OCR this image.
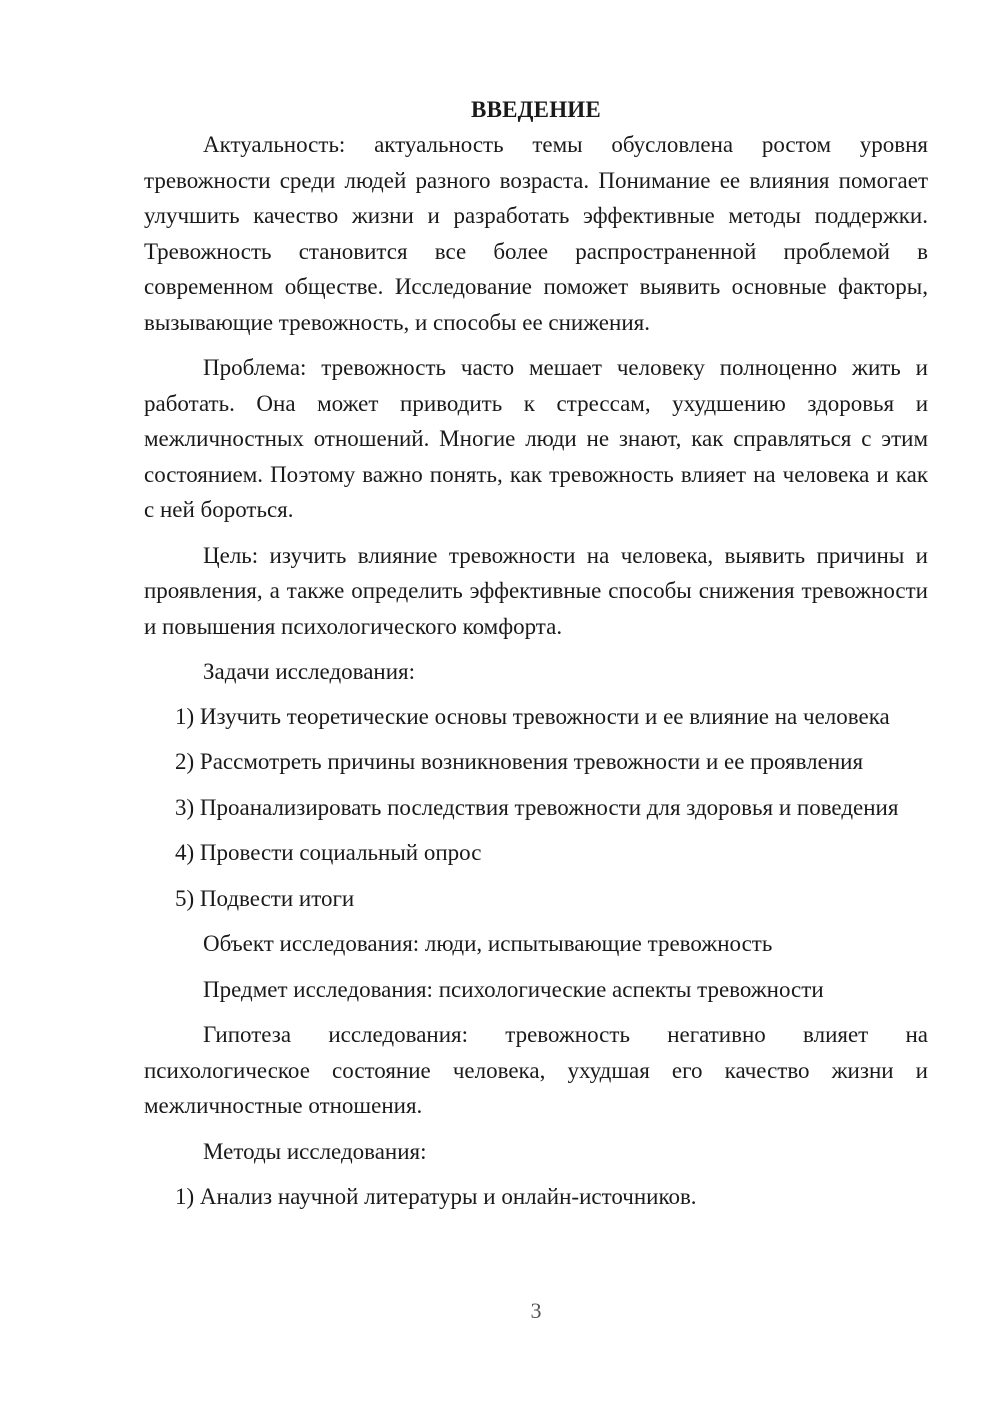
ВВЕДЕНИЕ

Актуальность: актуальность темы обусловлена ростом уровня тревожности среди людей разного возраста. Понимание ее влияния помогает улучшить качество жизни и разработать эффективные методы поддержки. Тревожность становится все более распространенной проблемой в современном обществе. Исследование поможет выявить основные факторы, вызывающие тревожность, и способы ее снижения.

Проблема: тревожность часто мешает человеку полноценно жить и работать. Она может приводить к стрессам, ухудшению здоровья и межличностных отношений. Многие люди не знают, как справляться с этим состоянием. Поэтому важно понять, как тревожность влияет на человека и как с ней бороться.

Цель: изучить влияние тревожности на человека, выявить причины и проявления, а также определить эффективные способы снижения тревожности и повышения психологического комфорта.

Задачи исследования:

1) Изучить теоретические основы тревожности и ее влияние на человека

2) Рассмотреть причины возникновения тревожности и ее проявления

3) Проанализировать последствия тревожности для здоровья и поведения

4) Провести социальный опрос

5) Подвести итоги

Объект исследования: люди, испытывающие тревожность

Предмет исследования: психологические аспекты тревожности

Гипотеза исследования: тревожность негативно влияет на психологическое состояние человека, ухудшая его качество жизни и межличностные отношения.

Методы исследования:

1) Анализ научной литературы и онлайн-источников.

3
